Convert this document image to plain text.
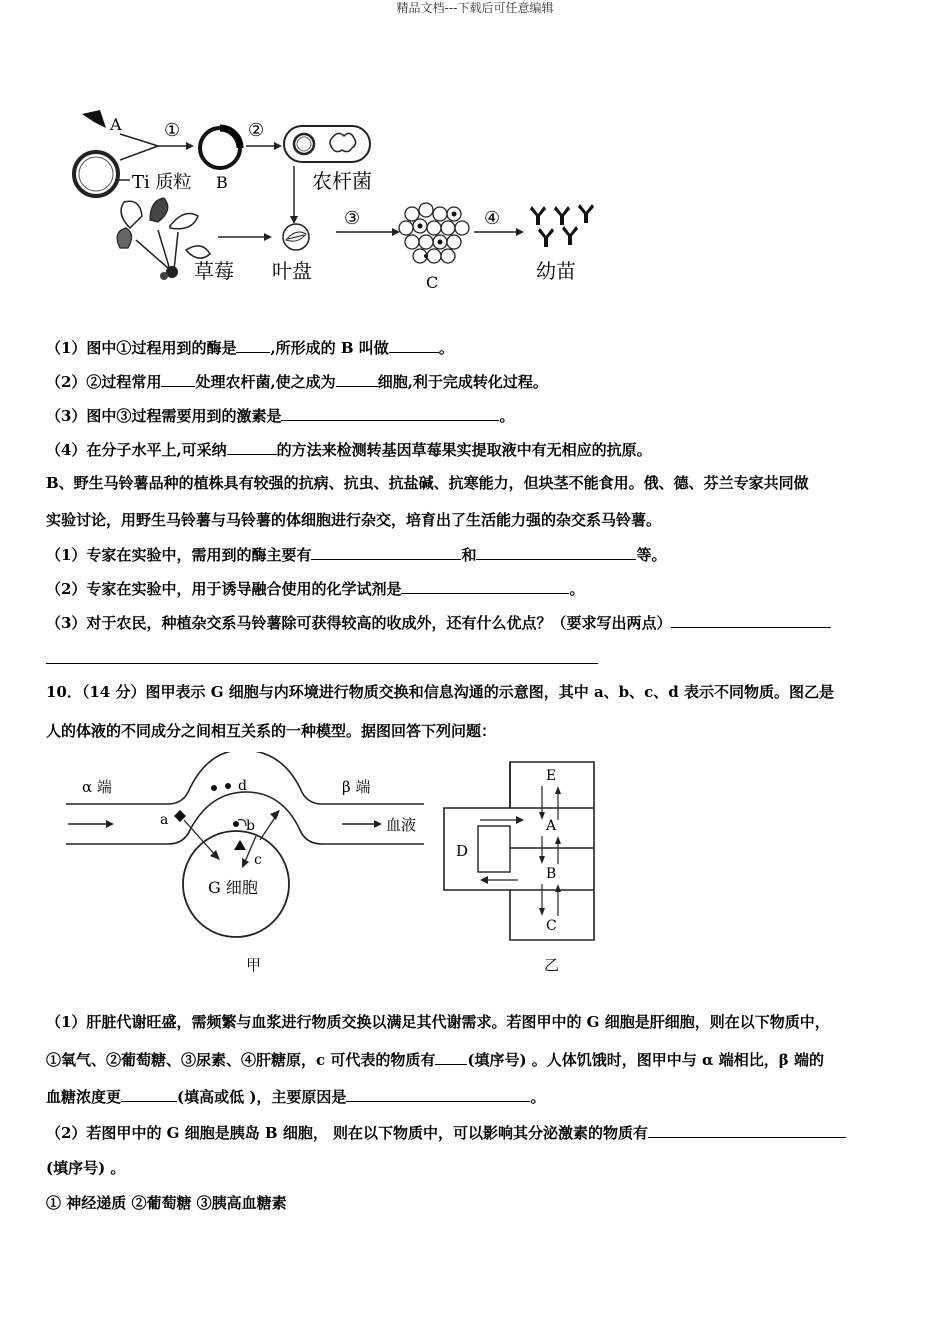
精品文档---下载后可任意编辑
A
Ti 质粒
①
B
②
农杆菌
草莓 叶盘
③
C
④
幼苗
（1）图中①过程用到的酶是 ,所形成的 B 叫做	。
（2）②过程常用 处理农杆菌,使之成为	细胞,利于完成转化过程。
（3）图中③过程需要用到的激素是	。
（4）在分子水平上,可采纳	的方法来检测转基因草莓果实提取液中有无相应的抗原。
B、野生马铃薯品种的植株具有较强的抗病、抗虫、抗盐碱、抗寒能力，但块茎不能食用。俄、德、芬兰专家共同做
实验讨论，用野生马铃薯与马铃薯的体细胞进行杂交，培育出了生活能力强的杂交系马铃薯。
（1）专家在实验中，需用到的酶主要有	和	等。
（2）专家在实验中，用于诱导融合使用的化学试剂是	。
（3）对于农民，种植杂交系马铃薯除可获得较高的收成外，还有什么优点？（要求写出两点）
10．（14 分）图甲表示 G 细胞与内环境进行物质交换和信息沟通的示意图，其中 a、b、c、d 表示不同物质。图乙是
人的体液的不同成分之间相互关系的一种模型。据图回答下列问题：
α 端	β 端
血液
d
a	b
c
G 细胞
甲
D
E
A
B
C
乙
（1）肝脏代谢旺盛，需频繁与血浆进行物质交换以满足其代谢需求。若图甲中的 G 细胞是肝细胞，则在以下物质中，
①氧气、②葡萄糖、③尿素、④肝糖原，c 可代表的物质有 (填序号) 。人体饥饿时，图甲中与 α 端相比，β 端的
血糖浓度更	(填高或低 )，主要原因是	。
（2）若图甲中的 G 细胞是胰岛 B 细胞， 则在以下物质中，可以影响其分泌激素的物质有
(填序号) 。
① 神经递质 ②葡萄糖 ③胰高血糖素
